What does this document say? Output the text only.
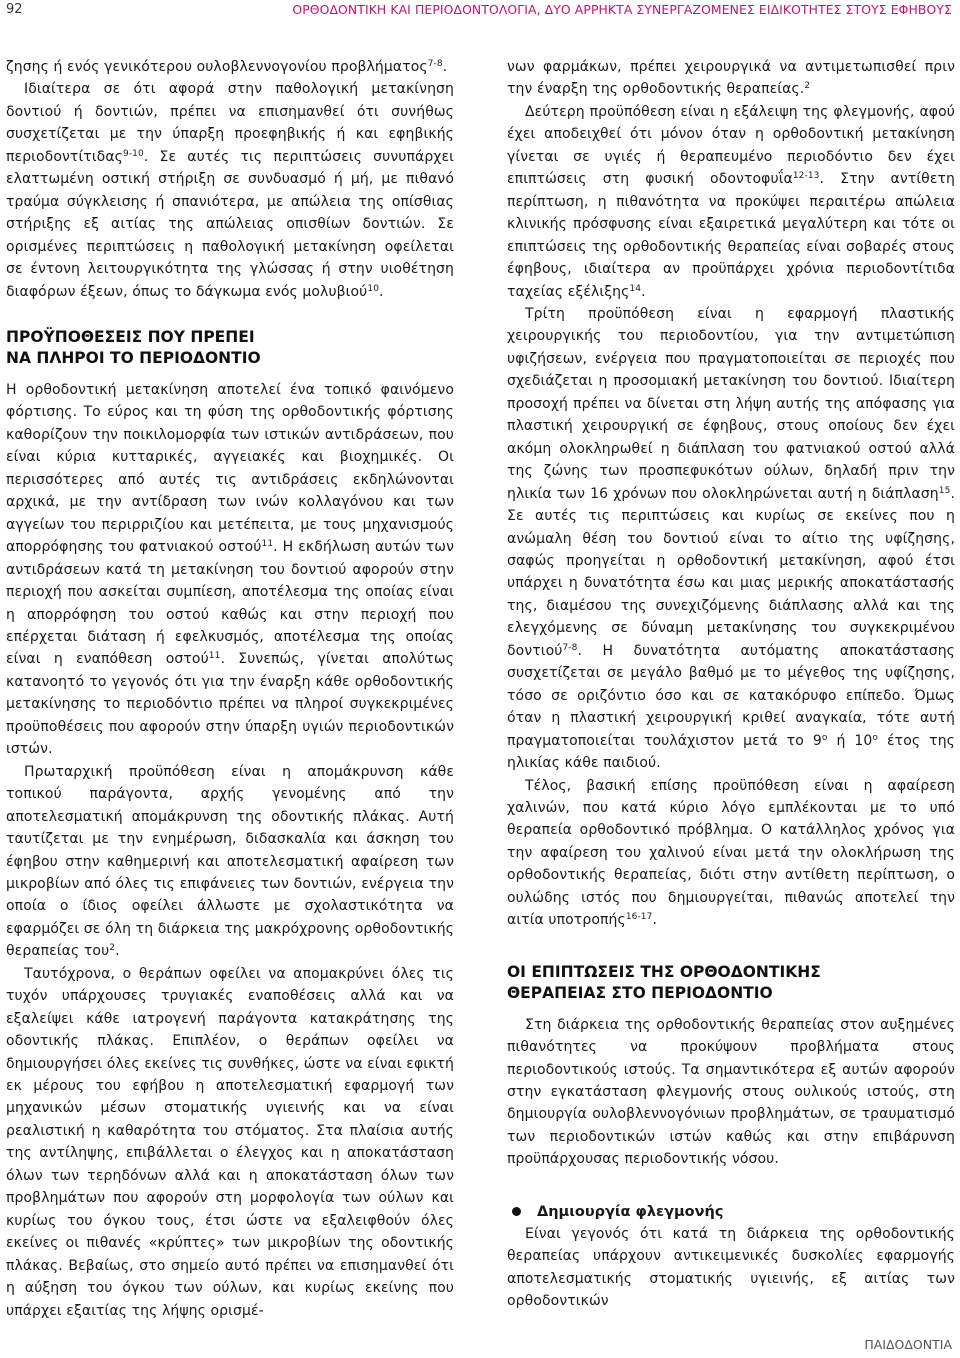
92	ΟΡΘΟΔΟΝΤΙΚΗ ΚΑΙ ΠΕΡΙΟΔΟΝΤΟΛΟΓΙΑ, ΔΥΟ ΑΡΡΗΚΤΑ ΣΥΝΕΡΓΑΖΟΜΕΝΕΣ ΕΙΔΙΚΟΤΗΤΕΣ ΣΤΟΥΣ ΕΦΗΒΟΥΣ

ζησης ή ενός γενικότερου ουλοβλεννογονίου προβλήματος$^{7-8}$.

Ιδιαίτερα σε ότι αφορά στην παθολογική μετακίνηση δοντιού ή δοντιών, πρέπει να επισημανθεί ότι συνήθως συσχετίζεται με την ύπαρξη προεφηβικής ή και εφηβικής περιοδοντίτιδας$^{9-10}$. Σε αυτές τις περιπτώσεις συνυπάρχει ελαττωμένη οστική στήριξη σε συνδυασμό ή μή, με πιθανό τραύμα σύγκλεισης ή σπανιότερα, με απώλεια της οπίσθιας στήριξης εξ αιτίας της απώλειας οπισθίων δοντιών. Σε ορισμένες περιπτώσεις η παθολογική μετακίνηση οφείλεται σε έντονη λειτουργικότητα της γλώσσας ή στην υιοθέτηση διαφόρων έξεων, όπως το δάγκωμα ενός μολυβιού$^{10}$.

ΠΡΟΫΠΟΘΕΣΕΙΣ ΠΟΥ ΠΡΕΠΕΙ
ΝΑ ΠΛΗΡΟΙ ΤΟ ΠΕΡΙΟΔΟΝΤΙΟ

Η ορθοδοντική μετακίνηση αποτελεί ένα τοπικό φαινόμενο φόρτισης. Το εύρος και τη φύση της ορθοδοντικής φόρτισης καθορίζουν την ποικιλομορφία των ιστικών αντιδράσεων, που είναι κύρια κυτταρικές, αγγειακές και βιοχημικές. Οι περισσότερες από αυτές τις αντιδράσεις εκδηλώνονται αρχικά, με την αντίδραση των ινών κολλαγόνου και των αγγείων του περιρριζίου και μετέπειτα, με τους μηχανισμούς απορρόφησης του φατνιακού οστού$^{11}$. Η εκδήλωση αυτών των αντιδράσεων κατά τη μετακίνηση του δοντιού αφορούν στην περιοχή που ασκείται συμπίεση, αποτέλεσμα της οποίας είναι η απορρόφηση του οστού καθώς και στην περιοχή που επέρχεται διάταση ή εφελκυσμός, αποτέλεσμα της οποίας είναι η εναπόθεση οστού$^{11}$. Συνεπώς, γίνεται απολύτως κατανοητό το γεγονός ότι για την έναρξη κάθε ορθοδοντικής μετακίνησης το περιοδόντιο πρέπει να πληροί συγκεκριμένες προϋποθέσεις που αφορούν στην ύπαρξη υγιών περιοδοντικών ιστών.

Πρωταρχική προϋπόθεση είναι η απομάκρυνση κάθε τοπικού παράγοντα, αρχής γενομένης από την αποτελεσματική απομάκρυνση της οδοντικής πλάκας. Αυτή ταυτίζεται με την ενημέρωση, διδασκαλία και άσκηση του έφηβου στην καθημερινή και αποτελεσματική αφαίρεση των μικροβίων από όλες τις επιφάνειες των δοντιών, ενέργεια την οποία ο ίδιος οφείλει άλλωστε με σχολαστικότητα να εφαρμόζει σε όλη τη διάρκεια της μακρόχρονης ορθοδοντικής θεραπείας του$^2$.

Ταυτόχρονα, ο θεράπων οφείλει να απομακρύνει όλες τις τυχόν υπάρχουσες τρυγιακές εναποθέσεις αλλά και να εξαλείψει κάθε ιατρογενή παράγοντα κατακράτησης της οδοντικής πλάκας. Επιπλέον, ο θεράπων οφείλει να δημιουργήσει όλες εκείνες τις συνθήκες, ώστε να είναι εφικτή εκ μέρους του εφήβου η αποτελεσματική εφαρμογή των μηχανικών μέσων στοματικής υγιεινής και να είναι ρεαλιστική η καθαρότητα του στόματος. Στα πλαίσια αυτής της αντίληψης, επιβάλλεται ο έλεγχος και η αποκατάσταση όλων των τερηδόνων αλλά και η αποκατάσταση όλων των προβλημάτων που αφορούν στη μορφολογία των ούλων και κυρίως του όγκου τους, έτσι ώστε να εξαλειφθούν όλες εκείνες οι πιθανές «κρύπτες» των μικροβίων της οδοντικής πλάκας. Βεβαίως, στο σημείο αυτό πρέπει να επισημανθεί ότι η αύξηση του όγκου των ούλων, και κυρίως εκείνης που υπάρχει εξαιτίας της λήψης ορισμέ-

νων φαρμάκων, πρέπει χειρουργικά να αντιμετωπισθεί πριν την έναρξη της ορθοδοντικής θεραπείας.$^2$

Δεύτερη προϋπόθεση είναι η εξάλειψη της φλεγμονής, αφού έχει αποδειχθεί ότι μόνον όταν η ορθοδοντική μετακίνηση γίνεται σε υγιές ή θεραπευμένο περιοδόντιο δεν έχει επιπτώσεις στη φυσική οδοντοφυΐα$^{12-13}$. Στην αντίθετη περίπτωση, η πιθανότητα να προκύψει περαιτέρω απώλεια κλινικής πρόσφυσης είναι εξαιρετικά μεγαλύτερη και τότε οι επιπτώσεις της ορθοδοντικής θεραπείας είναι σοβαρές στους έφηβους, ιδιαίτερα αν προϋπάρχει χρόνια περιοδοντίτιδα ταχείας εξέλιξης$^{14}$.

Τρίτη προϋπόθεση είναι η εφαρμογή πλαστικής χειρουργικής του περιοδοντίου, για την αντιμετώπιση υφιζήσεων, ενέργεια που πραγματοποιείται σε περιοχές που σχεδιάζεται η προσομιακή μετακίνηση του δοντιού. Ιδιαίτερη προσοχή πρέπει να δίνεται στη λήψη αυτής της απόφασης για πλαστική χειρουργική σε έφηβους, στους οποίους δεν έχει ακόμη ολοκληρωθεί η διάπλαση του φατνιακού οστού αλλά της ζώνης των προσπεφυκότων ούλων, δηλαδή πριν την ηλικία των 16 χρόνων που ολοκληρώνεται αυτή η διάπλαση$^{15}$. Σε αυτές τις περιπτώσεις και κυρίως σε εκείνες που η ανώμαλη θέση του δοντιού είναι το αίτιο της υφίζησης, σαφώς προηγείται η ορθοδοντική μετακίνηση, αφού έτσι υπάρχει η δυνατότητα έσω και μιας μερικής αποκατάστασής της, διαμέσου της συνεχιζόμενης διάπλασης αλλά και της ελεγχόμενης σε δύναμη μετακίνησης του συγκεκριμένου δοντιού$^{7-8}$. Η δυνατότητα αυτόματης αποκατάστασης συσχετίζεται σε μεγάλο βαθμό με το μέγεθος της υφίζησης, τόσο σε οριζόντιο όσο και σε κατακόρυφο επίπεδο. Όμως όταν η πλαστική χειρουργική κριθεί αναγκαία, τότε αυτή πραγματοποιείται τουλάχιστον μετά το $9^o$ ή $10^o$ έτος της ηλικίας κάθε παιδιού.

Τέλος, βασική επίσης προϋπόθεση είναι η αφαίρεση χαλινών, που κατά κύριο λόγο εμπλέκονται με το υπό θεραπεία ορθοδοντικό πρόβλημα. Ο κατάλληλος χρόνος για την αφαίρεση του χαλινού είναι μετά την ολοκλήρωση της ορθοδοντικής θεραπείας, διότι στην αντίθετη περίπτωση, ο ουλώδης ιστός που δημιουργείται, πιθανώς αποτελεί την αιτία υποτροπής$^{16-17}$.

ΟΙ ΕΠΙΠΤΩΣΕΙΣ ΤΗΣ ΟΡΘΟΔΟΝΤΙΚΗΣ
ΘΕΡΑΠΕΙΑΣ ΣΤΟ ΠΕΡΙΟΔΟΝΤΙΟ

Στη διάρκεια της ορθοδοντικής θεραπείας στον αυξημένες πιθανότητες να προκύψουν προβλήματα στους περιοδοντικούς ιστούς. Τα σημαντικότερα εξ αυτών αφορούν στην εγκατάσταση φλεγμονής στους ουλικούς ιστούς, στη δημιουργία ουλοβλεννογόνιων προβλημάτων, σε τραυματισμό των περιοδοντικών ιστών καθώς και στην επιβάρυνση προϋπάρχουσας περιοδοντικής νόσου.

Δημιουργία φλεγμονής

Είναι γεγονός ότι κατά τη διάρκεια της ορθοδοντικής θεραπείας υπάρχουν αντικειμενικές δυσκολίες εφαρμογής αποτελεσματικής στοματικής υγιεινής, εξ αιτίας των ορθοδοντικών

ΠΑΙΔΟΔΟΝΤΙΑ
